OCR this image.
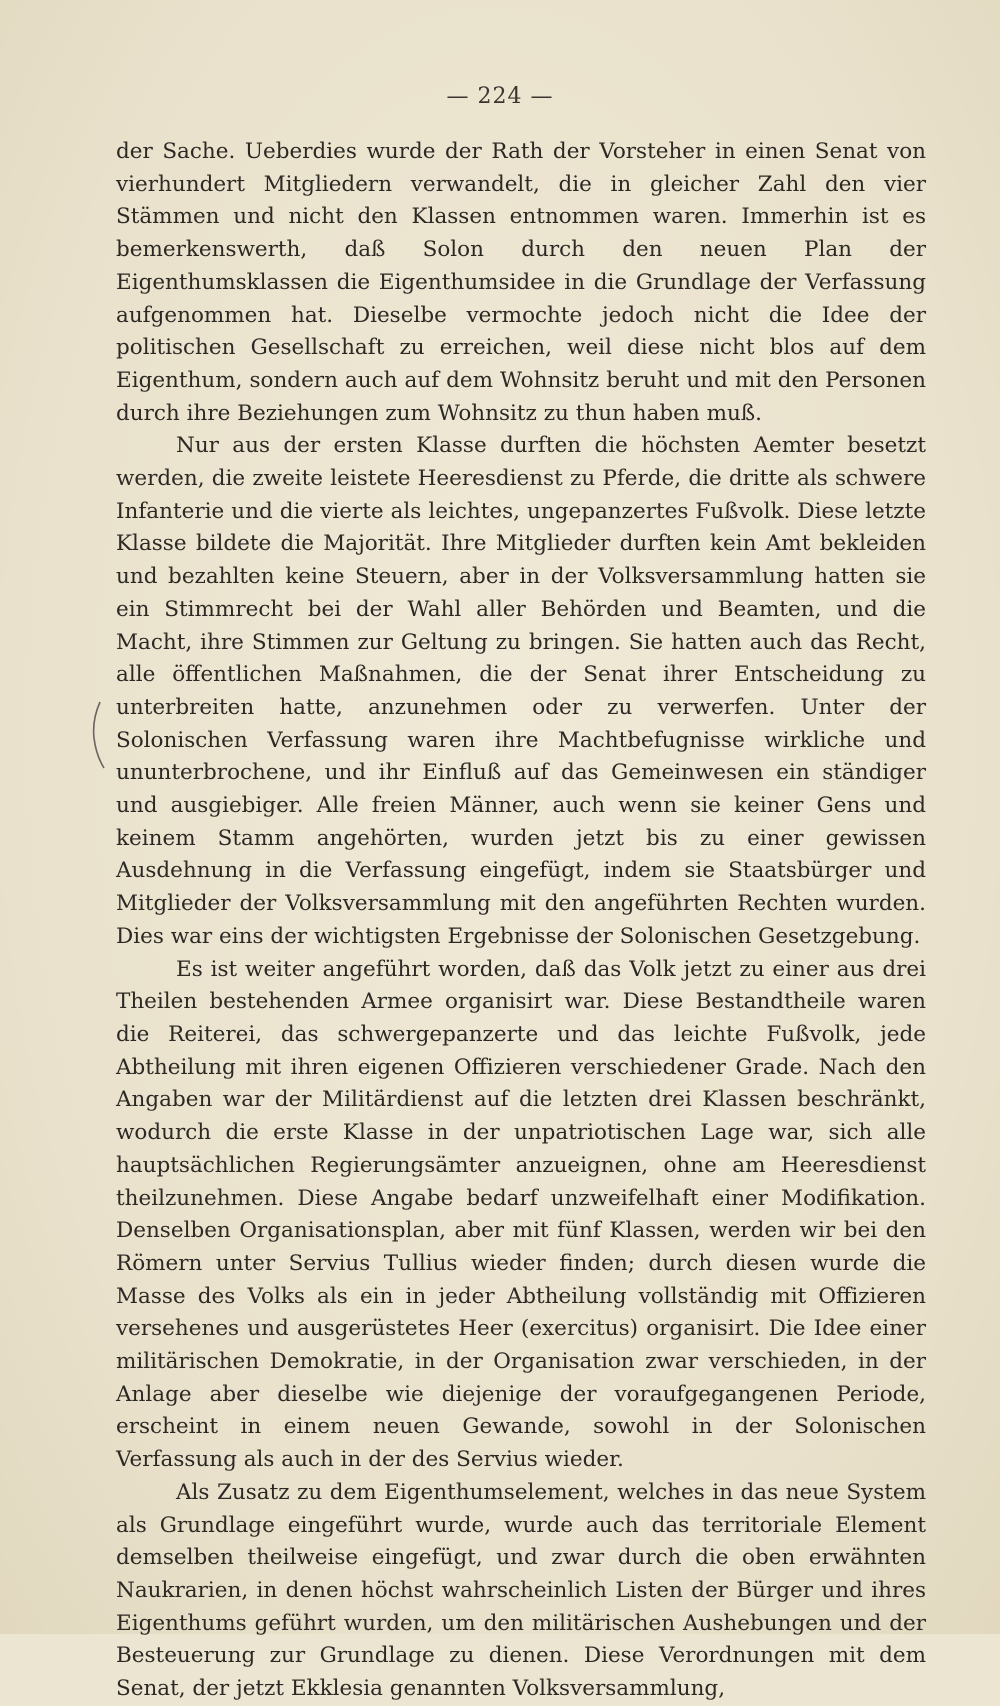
— 224 —

der Sache. Ueberdies wurde der Rath der Vorsteher in einen Senat von vierhundert Mitgliedern verwandelt, die in gleicher Zahl den vier Stämmen und nicht den Klassen entnommen waren. Immerhin ist es bemerkenswerth, daß Solon durch den neuen Plan der Eigenthumsklassen die Eigenthumsidee in die Grundlage der Verfassung aufgenommen hat. Dieselbe vermochte jedoch nicht die Idee der politischen Gesellschaft zu erreichen, weil diese nicht blos auf dem Eigenthum, sondern auch auf dem Wohnsitz beruht und mit den Personen durch ihre Beziehungen zum Wohnsitz zu thun haben muß.

Nur aus der ersten Klasse durften die höchsten Aemter besetzt werden, die zweite leistete Heeresdienst zu Pferde, die dritte als schwere Infanterie und die vierte als leichtes, ungepanzertes Fußvolk. Diese letzte Klasse bildete die Majorität. Ihre Mitglieder durften kein Amt bekleiden und bezahlten keine Steuern, aber in der Volksversammlung hatten sie ein Stimmrecht bei der Wahl aller Behörden und Beamten, und die Macht, ihre Stimmen zur Geltung zu bringen. Sie hatten auch das Recht, alle öffentlichen Maßnahmen, die der Senat ihrer Entscheidung zu unterbreiten hatte, anzunehmen oder zu verwerfen. Unter der Solonischen Verfassung waren ihre Machtbefugnisse wirkliche und ununterbrochene, und ihr Einfluß auf das Gemeinwesen ein ständiger und ausgiebiger. Alle freien Männer, auch wenn sie keiner Gens und keinem Stamm angehörten, wurden jetzt bis zu einer gewissen Ausdehnung in die Verfassung eingefügt, indem sie Staatsbürger und Mitglieder der Volksversammlung mit den angeführten Rechten wurden. Dies war eins der wichtigsten Ergebnisse der Solonischen Gesetzgebung.

Es ist weiter angeführt worden, daß das Volk jetzt zu einer aus drei Theilen bestehenden Armee organisirt war. Diese Bestandtheile waren die Reiterei, das schwergepanzerte und das leichte Fußvolk, jede Abtheilung mit ihren eigenen Offizieren verschiedener Grade. Nach den Angaben war der Militärdienst auf die letzten drei Klassen beschränkt, wodurch die erste Klasse in der unpatriotischen Lage war, sich alle hauptsächlichen Regierungsämter anzueignen, ohne am Heeresdienst theilzunehmen. Diese Angabe bedarf unzweifelhaft einer Modifikation. Denselben Organisationsplan, aber mit fünf Klassen, werden wir bei den Römern unter Servius Tullius wieder finden; durch diesen wurde die Masse des Volks als ein in jeder Abtheilung vollständig mit Offizieren versehenes und ausgerüstetes Heer (exercitus) organisirt. Die Idee einer militärischen Demokratie, in der Organisation zwar verschieden, in der Anlage aber dieselbe wie diejenige der voraufgegangenen Periode, erscheint in einem neuen Gewande, sowohl in der Solonischen Verfassung als auch in der des Servius wieder.

Als Zusatz zu dem Eigenthumselement, welches in das neue System als Grundlage eingeführt wurde, wurde auch das territoriale Element demselben theilweise eingefügt, und zwar durch die oben erwähnten Naukrarien, in denen höchst wahrscheinlich Listen der Bürger und ihres Eigenthums geführt wurden, um den militärischen Aushebungen und der Besteuerung zur Grundlage zu dienen. Diese Verordnungen mit dem Senat, der jetzt Ekklesia genannten Volksversammlung,
